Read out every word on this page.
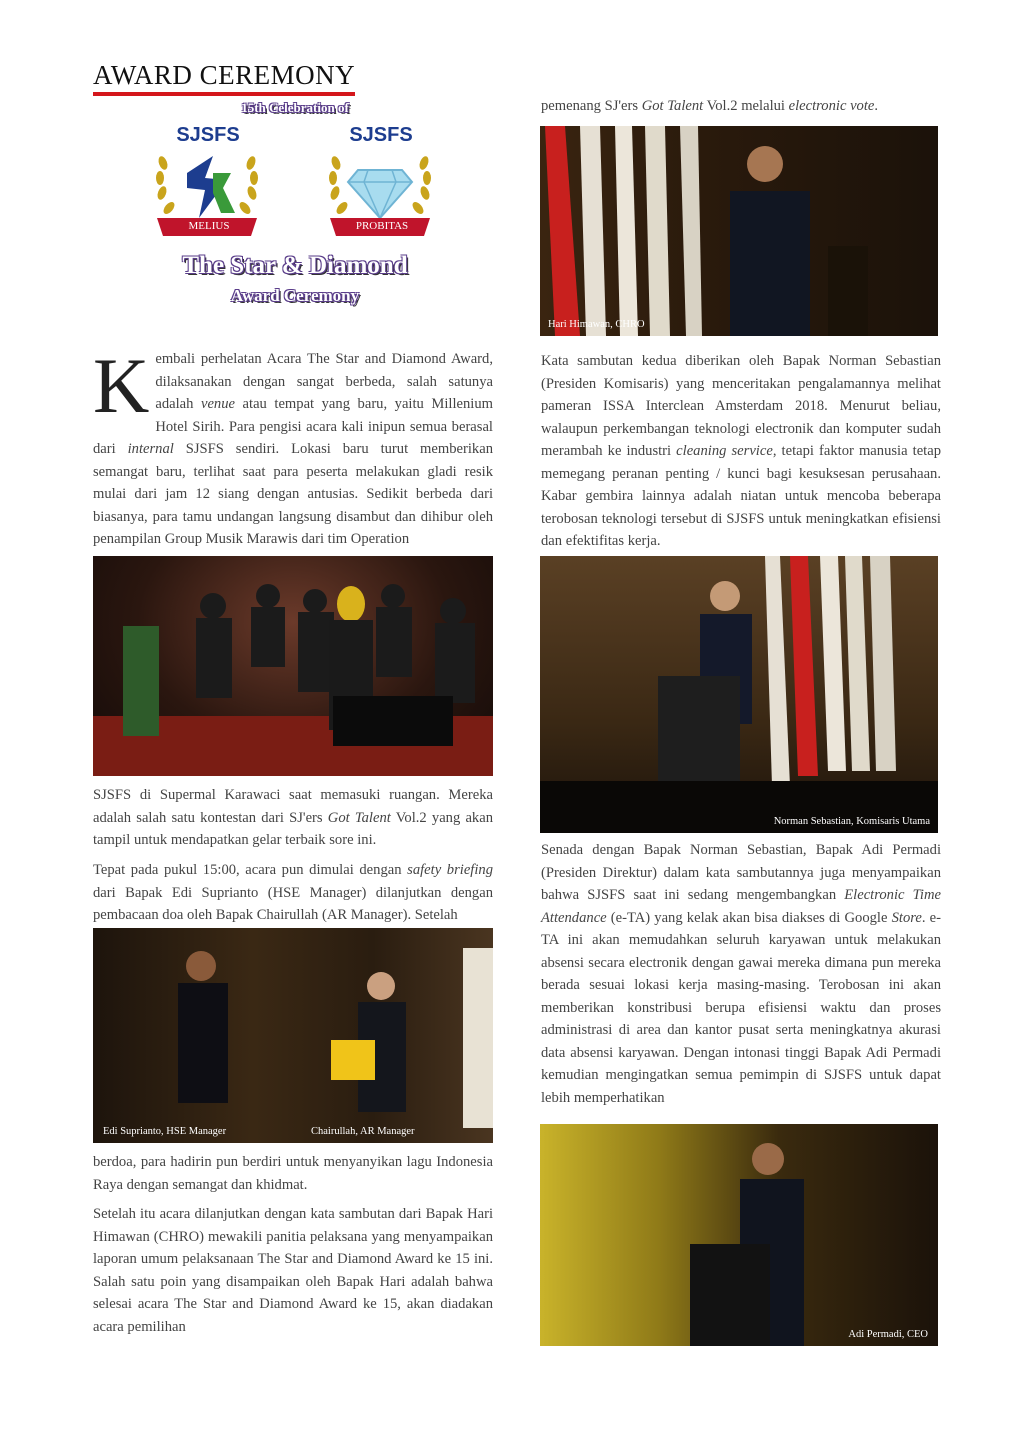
AWARD CEREMONY
15th Celebration of
SJSFS
MELIUS
SJSFS
PROBITAS
The Star & Diamond
Award Ceremony

Kembali perhelatan Acara The Star and Diamond Award, dilaksanakan dengan sangat berbeda, salah satunya adalah venue atau tempat yang baru, yaitu Millenium Hotel Sirih. Para pengisi acara kali inipun semua berasal dari internal SJSFS sendiri. Lokasi baru turut memberikan semangat baru, terlihat saat para peserta melakukan gladi resik mulai dari jam 12 siang dengan antusias. Sedikit berbeda dari biasanya, para tamu undangan langsung disambut dan dihibur oleh penampilan Group Musik Marawis dari tim Operation

SJSFS di Supermal Karawaci saat memasuki ruangan. Mereka adalah salah satu kontestan dari SJ'ers Got Talent Vol.2 yang akan tampil untuk mendapatkan gelar terbaik sore ini.

Tepat pada pukul 15:00, acara pun dimulai dengan safety briefing dari Bapak Edi Suprianto (HSE Manager) dilanjutkan dengan pembacaan doa oleh Bapak Chairullah (AR Manager). Setelah

Edi Suprianto, HSE Manager	Chairullah, AR Manager

berdoa, para hadirin pun berdiri untuk menyanyikan lagu Indonesia Raya dengan semangat dan khidmat.

Setelah itu acara dilanjutkan dengan kata sambutan dari Bapak Hari Himawan (CHRO) mewakili panitia pelaksana yang menyampaikan laporan umum pelaksanaan The Star and Diamond Award ke 15 ini. Salah satu poin yang disampaikan oleh Bapak Hari adalah bahwa selesai acara The Star and Diamond Award ke 15, akan diadakan acara pemilihan

pemenang SJ'ers Got Talent Vol.2 melalui electronic vote.

Hari Himawan, CHRO

Kata sambutan kedua diberikan oleh Bapak Norman Sebastian (Presiden Komisaris) yang menceritakan pengalamannya melihat pameran ISSA Interclean Amsterdam 2018. Menurut beliau, walaupun perkembangan teknologi electronik dan komputer sudah merambah ke industri cleaning service, tetapi faktor manusia tetap memegang peranan penting / kunci bagi kesuksesan perusahaan. Kabar gembira lainnya adalah niatan untuk mencoba beberapa terobosan teknologi tersebut di SJSFS untuk meningkatkan efisiensi dan efektifitas kerja.

Norman Sebastian, Komisaris Utama

Senada dengan Bapak Norman Sebastian, Bapak Adi Permadi (Presiden Direktur) dalam kata sambutannya juga menyampaikan bahwa SJSFS saat ini sedang mengembangkan Electronic Time Attendance (e-TA) yang kelak akan bisa diakses di Google Store. e-TA ini akan memudahkan seluruh karyawan untuk melakukan absensi secara electronik dengan gawai mereka dimana pun mereka berada sesuai lokasi kerja masing-masing. Terobosan ini akan memberikan konstribusi berupa efisiensi waktu dan proses administrasi di area dan kantor pusat serta meningkatnya akurasi data absensi karyawan. Dengan intonasi tinggi Bapak Adi Permadi kemudian mengingatkan semua pemimpin di SJSFS untuk dapat lebih memperhatikan

Adi Permadi, CEO
